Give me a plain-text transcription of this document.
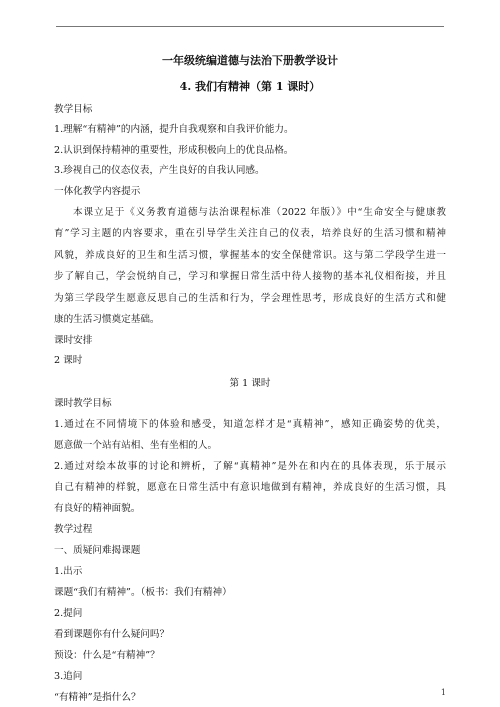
一年级统编道德与法治下册教学设计
4. 我们有精神（第 1 课时）
教学目标
1.理解“有精神”的内涵，提升自我观察和自我评价能力。
2.认识到保持精神的重要性，形成积极向上的优良品格。
3.珍视自己的仪态仪表，产生良好的自我认同感。
一体化教学内容提示
本课立足于《义务教育道德与法治课程标准（2022 年版）》中“生命安全与健康教
育”学习主题的内容要求，重在引导学生关注自己的仪表，培养良好的生活习惯和精神
风貌，养成良好的卫生和生活习惯，掌握基本的安全保健常识。这与第二学段学生进一
步了解自己，学会悦纳自己，学习和掌握日常生活中待人接物的基本礼仪相衔接，并且
为第三学段学生愿意反思自己的生活和行为，学会理性思考，形成良好的生活方式和健
康的生活习惯奠定基础。
课时安排
2 课时
第 1 课时
课时教学目标
1.通过在不同情境下的体验和感受，知道怎样才是“真精神”，感知正确姿势的优美，
愿意做一个站有站相、坐有坐相的人。
2.通过对绘本故事的讨论和辨析，了解“真精神”是外在和内在的具体表现，乐于展示
自己有精神的样貌，愿意在日常生活中有意识地做到有精神，养成良好的生活习惯，具
有良好的精神面貌。
教学过程
一、质疑问难揭课题
1.出示
课题“我们有精神”。（板书：我们有精神）
2.提问
看到课题你有什么疑问吗？
预设：什么是“有精神”？
3.追问
“有精神”是指什么？	1
